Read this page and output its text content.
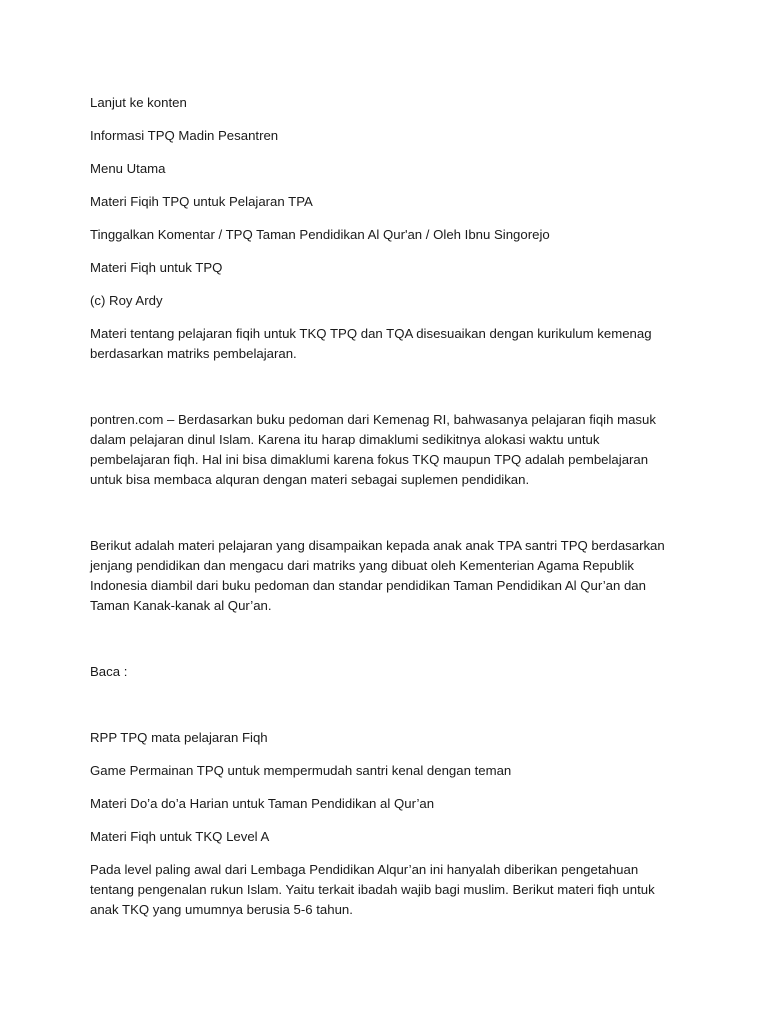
Lanjut ke konten

Informasi TPQ Madin Pesantren

Menu Utama

Materi Fiqih TPQ untuk Pelajaran TPA

Tinggalkan Komentar / TPQ Taman Pendidikan Al Qur'an / Oleh Ibnu Singorejo

Materi Fiqh untuk TPQ

(c) Roy Ardy

Materi tentang pelajaran fiqih untuk TKQ TPQ dan TQA disesuaikan dengan kurikulum kemenag berdasarkan matriks pembelajaran.

pontren.com – Berdasarkan buku pedoman dari Kemenag RI, bahwasanya pelajaran fiqih masuk dalam pelajaran dinul Islam. Karena itu harap dimaklumi sedikitnya alokasi waktu untuk pembelajaran fiqh. Hal ini bisa dimaklumi karena fokus TKQ maupun TPQ adalah pembelajaran untuk bisa membaca alquran dengan materi sebagai suplemen pendidikan.

Berikut adalah materi pelajaran yang disampaikan kepada anak anak TPA santri TPQ berdasarkan jenjang pendidikan dan mengacu dari matriks yang dibuat oleh Kementerian Agama Republik Indonesia diambil dari buku pedoman dan standar pendidikan Taman Pendidikan Al Qur’an dan Taman Kanak-kanak al Qur’an.

Baca :

RPP TPQ mata pelajaran Fiqh

Game Permainan TPQ untuk mempermudah santri kenal dengan teman

Materi Do’a do’a Harian untuk Taman Pendidikan al Qur’an

Materi Fiqh untuk TKQ Level A

Pada level paling awal dari Lembaga Pendidikan Alqur’an ini hanyalah diberikan pengetahuan tentang pengenalan rukun Islam. Yaitu terkait ibadah wajib bagi muslim. Berikut materi fiqh untuk anak TKQ yang umumnya berusia 5-6 tahun.
